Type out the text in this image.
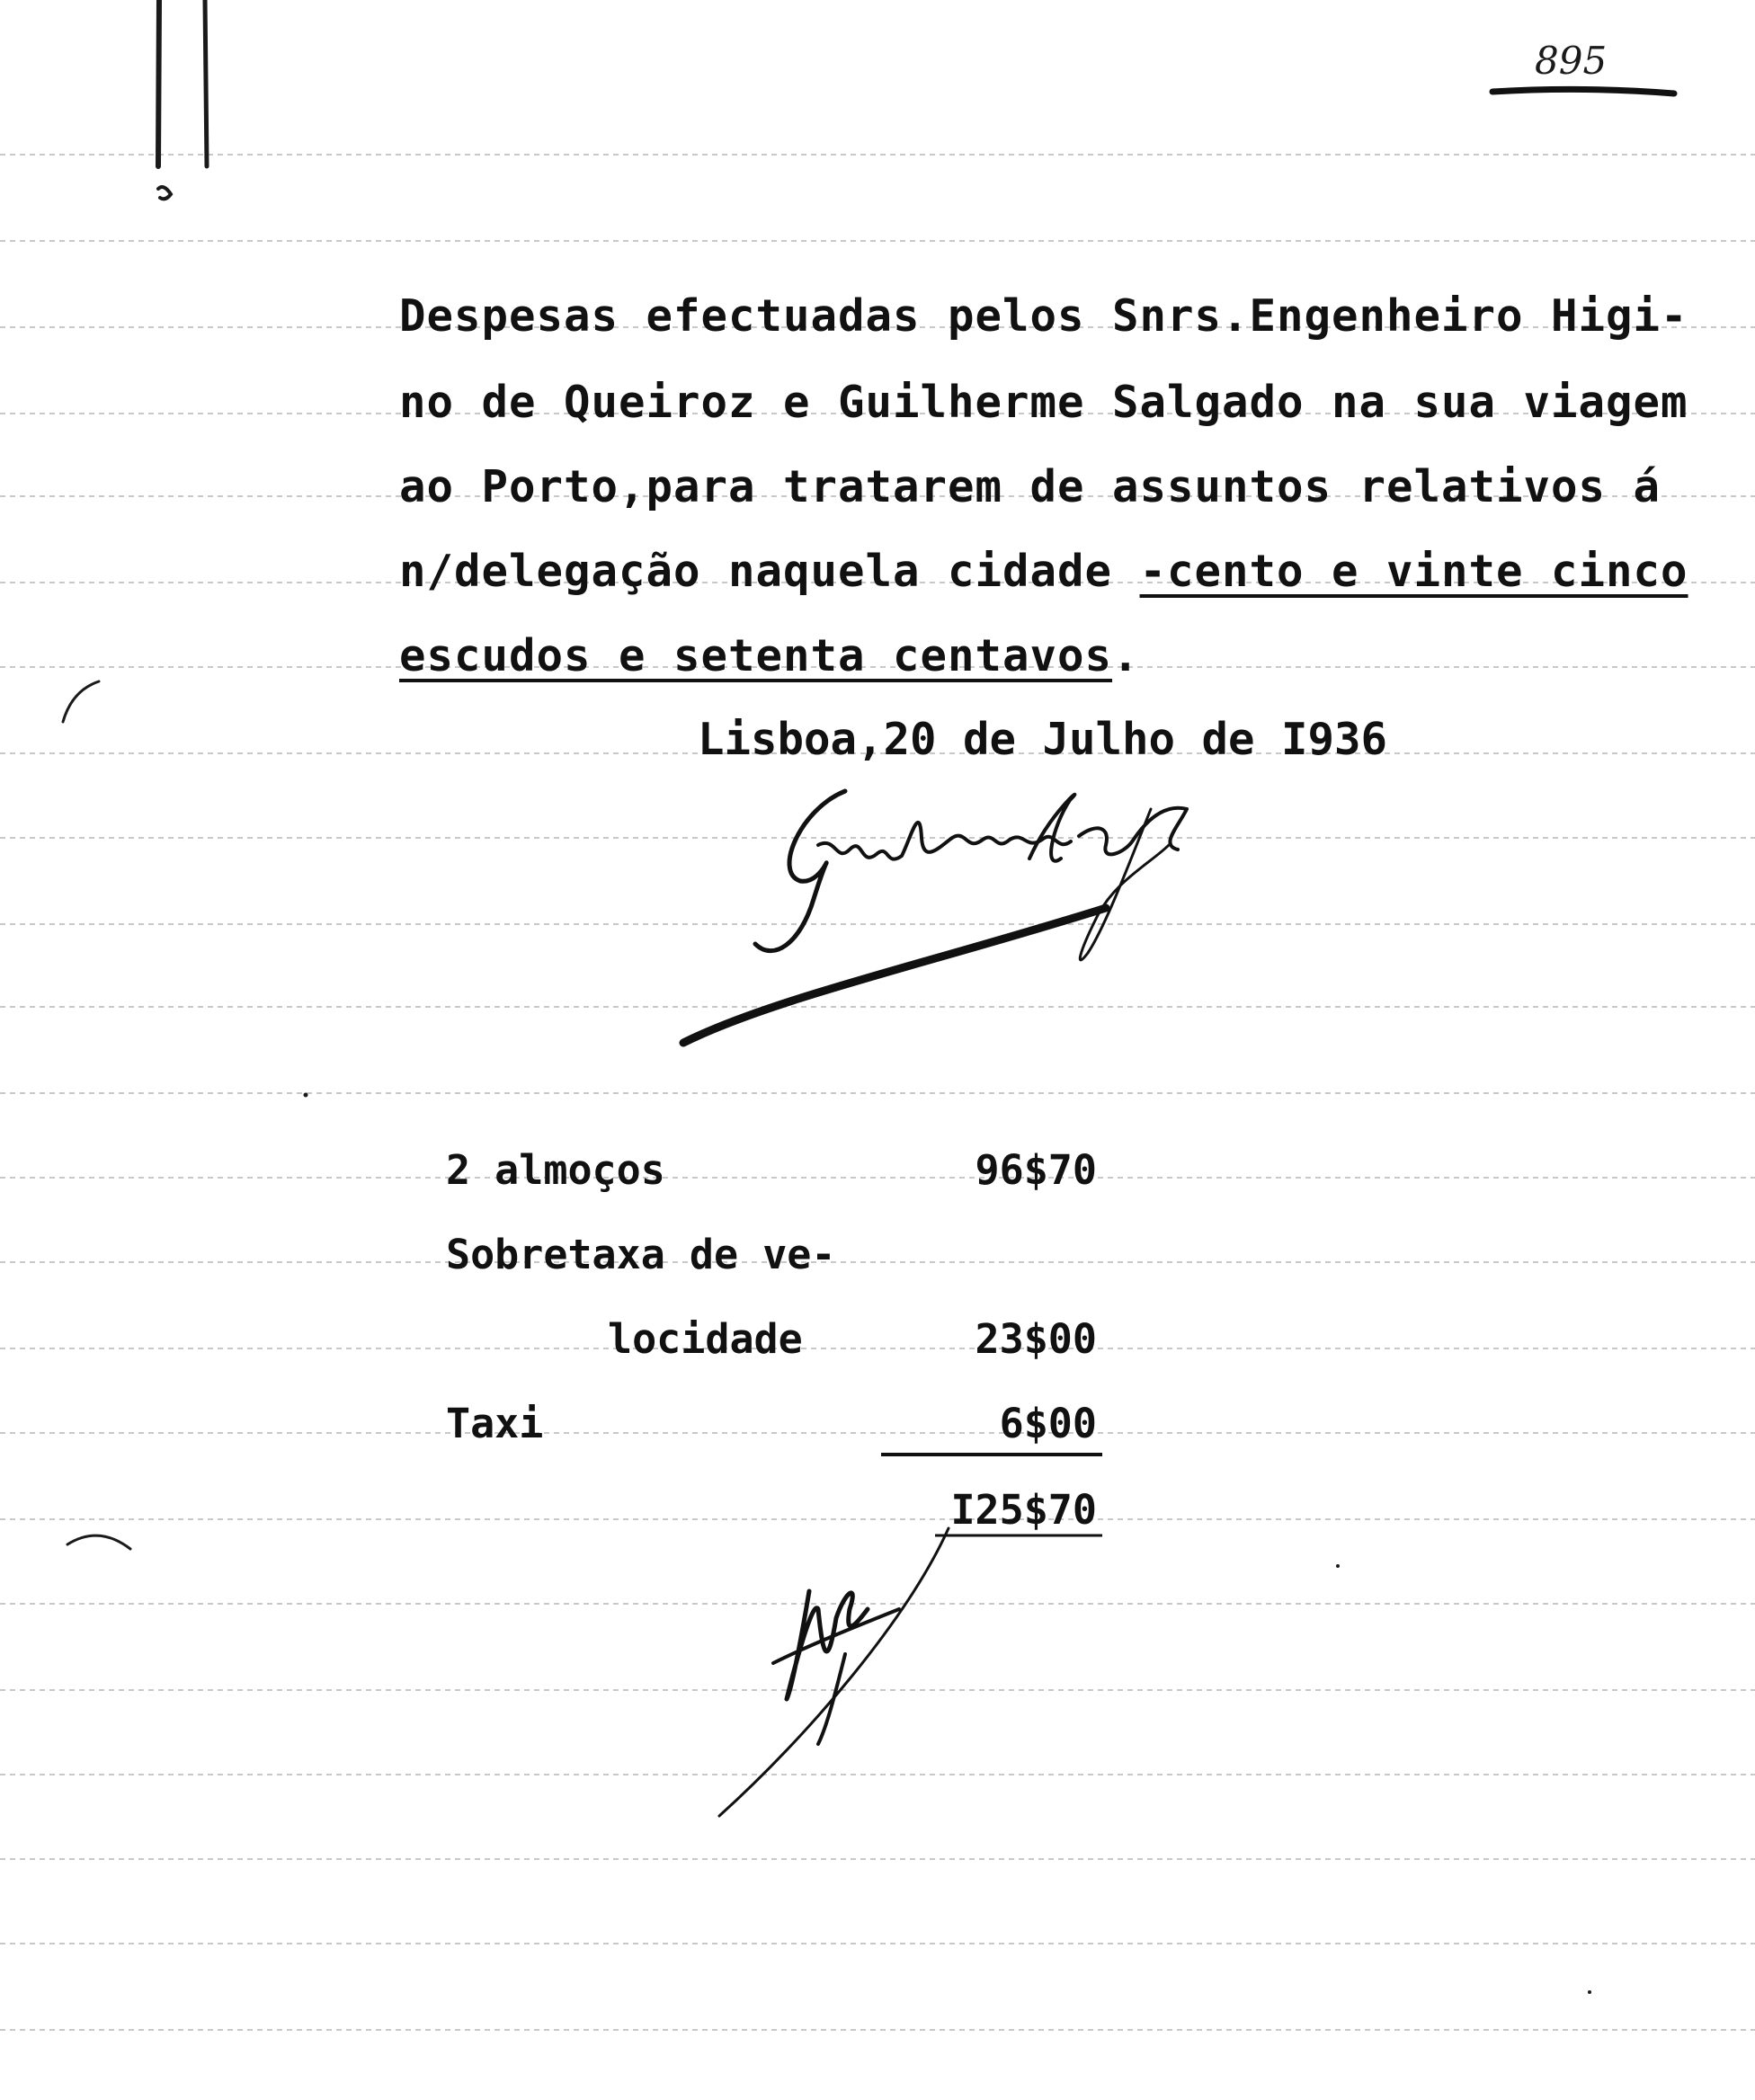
895
Despesas efectuadas pelos Snrs.Engenheiro Higi-
no de Queiroz e Guilherme Salgado na sua viagem
ao Porto,para tratarem de assuntos relativos á
n/delegação naquela cidade -cento e vinte cinco
escudos e setenta centavos.
Lisboa,20 de Julho de I936
2 almoços	96$70
Sobretaxa de ve-
locidade	23$00
Taxi	6$00
I25$70
